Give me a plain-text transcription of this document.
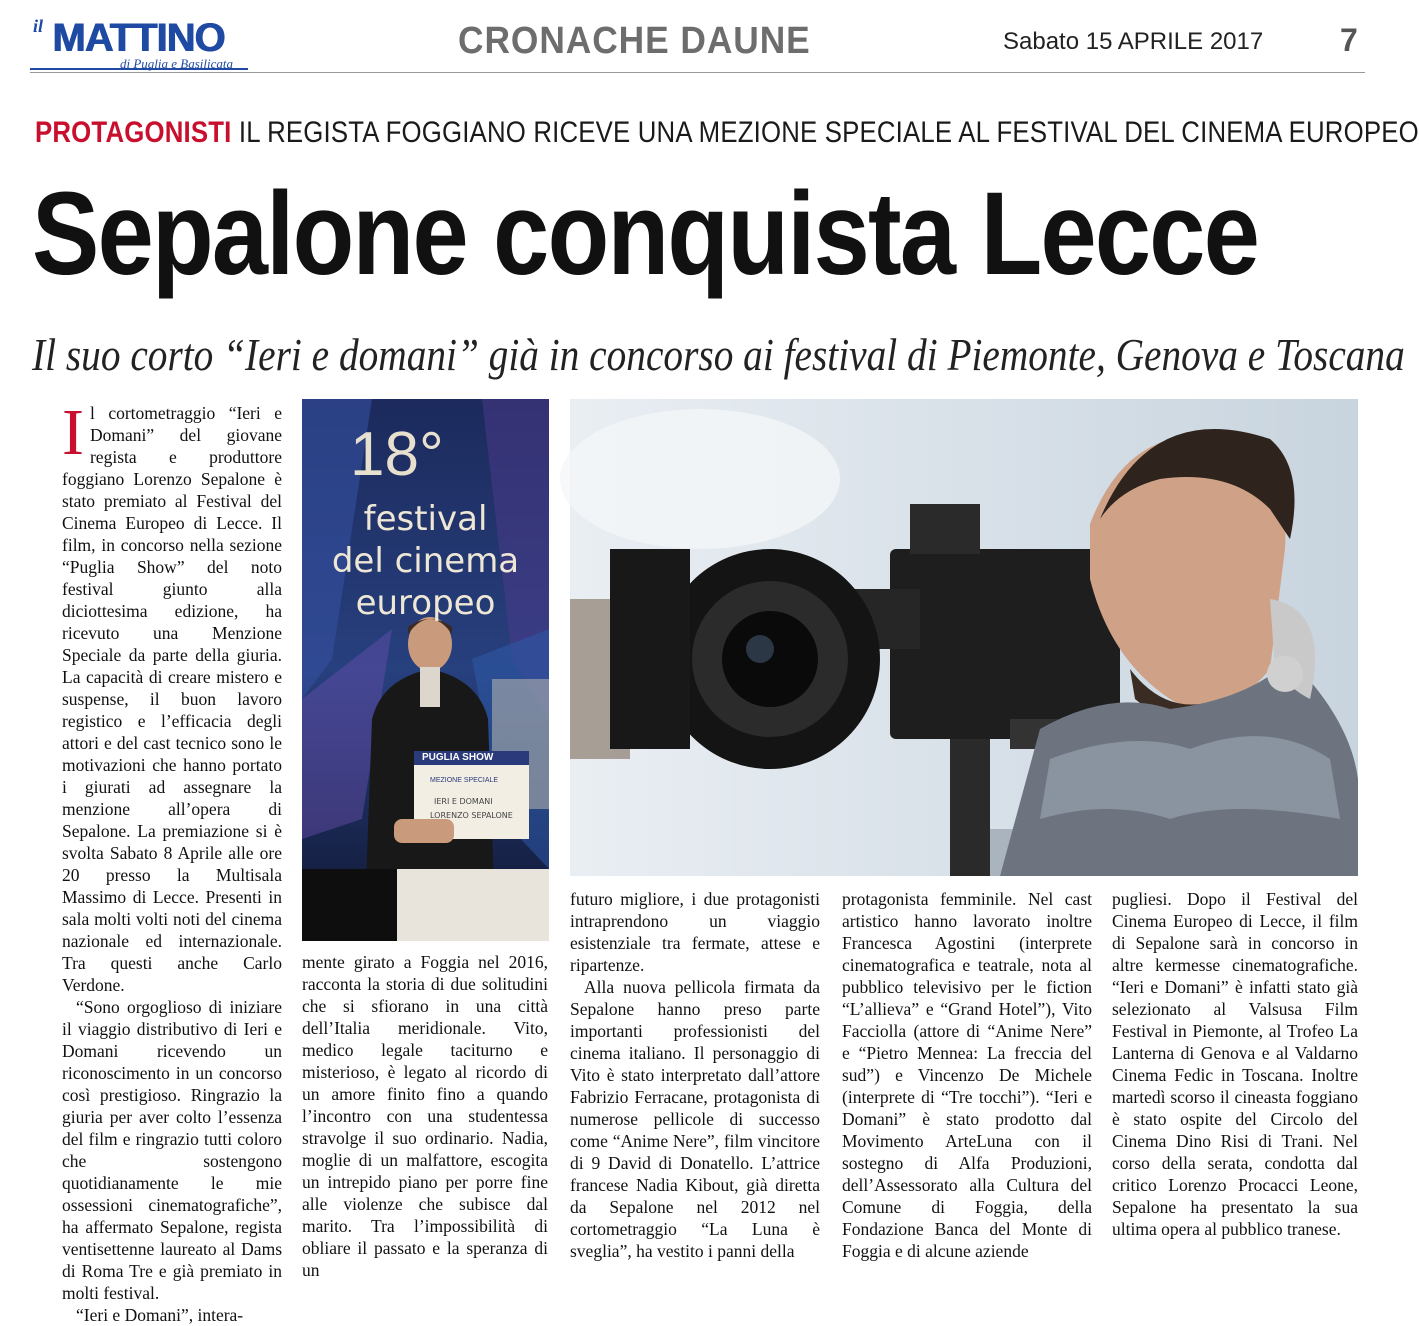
il MATTINO
di Puglia e Basilicata
CRONACHE DAUNE	Sabato 15 APRILE 2017 7
PROTAGONISTI IL REGISTA FOGGIANO RICEVE UNA MEZIONE SPECIALE AL FESTIVAL DEL CINEMA EUROPEO
Sepalone conquista Lecce
Il suo corto “Ieri e domani” già in concorso ai festival di Piemonte, Genova e Toscana
18°
festival
del cinema
europeo
PUGLIA SHOW
MEZIONE SPECIALE
IERI E DOMANI
LORENZO SEPALONE
I l cortometraggio “Ieri e Domani” del giovane regista e produttore foggiano Lorenzo Sepalone è stato premiato al Festival del Cinema Europeo di Lecce. Il film, in concorso nella sezione “Puglia Show” del noto festival giunto alla diciottesima edizione, ha ricevuto una Menzione Speciale da parte della giuria. La capacità di creare mistero e suspense, il buon lavoro registico e l’efficacia degli attori e del cast tecnico sono le motivazioni che hanno portato i giurati ad assegnare la menzione all’opera di Sepalone. La premiazione si è svolta Sabato 8 Aprile alle ore 20 presso la Multisala Massimo di Lecce. Presenti in sala molti volti noti del cinema nazionale ed internazionale. Tra questi anche Carlo Verdone.

“Sono orgoglioso di iniziare il viaggio distributivo di Ieri e Domani ricevendo un riconoscimento in un concorso così prestigioso. Ringrazio la giuria per aver colto l’essenza del film e ringrazio tutti coloro che sostengono quotidianamente le mie ossessioni cinematografiche”, ha affermato Sepalone, regista ventisettenne laureato al Dams di Roma Tre e già premiato in molti festival.

“Ieri e Domani”, intera-

mente girato a Foggia nel 2016, racconta la storia di due solitudini che si sfiorano in una città dell’Italia meridionale. Vito, medico legale taciturno e misterioso, è legato al ricordo di un amore finito fino a quando l’incontro con una studentessa stravolge il suo ordinario. Nadia, moglie di un malfattore, escogita un intrepido piano per porre fine alle violenze che subisce dal marito. Tra l’impossibilità di obliare il passato e la speranza di un

futuro migliore, i due protagonisti intraprendono un viaggio esistenziale tra fermate, attese e ripartenze.

Alla nuova pellicola firmata da Sepalone hanno preso parte importanti professionisti del cinema italiano. Il personaggio di Vito è stato interpretato dall’attore Fabrizio Ferracane, protagonista di numerose pellicole di successo come “Anime Nere”, film vincitore di 9 David di Donatello. L’attrice francese Nadia Kibout, già diretta da Sepalone nel 2012 nel cortometraggio “La Luna è sveglia”, ha vestito i panni della

protagonista femminile. Nel cast artistico hanno lavorato inoltre Francesca Agostini (interprete cinematografica e teatrale, nota al pubblico televisivo per le fiction “L’allieva” e “Grand Hotel”), Vito Facciolla (attore di “Anime Nere” e “Pietro Mennea: La freccia del sud”) e Vincenzo De Michele (interprete di “Tre tocchi”). “Ieri e Domani” è stato prodotto dal Movimento ArteLuna con il sostegno di Alfa Produzioni, dell’Assessorato alla Cultura del Comune di Foggia, della Fondazione Banca del Monte di Foggia e di alcune aziende

pugliesi. Dopo il Festival del Cinema Europeo di Lecce, il film di Sepalone sarà in concorso in altre kermesse cinematografiche. “Ieri e Domani” è infatti stato già selezionato al Valsusa Film Festival in Piemonte, al Trofeo La Lanterna di Genova e al Valdarno Cinema Fedic in Toscana. Inoltre martedì scorso il cineasta foggiano è stato ospite del Circolo del Cinema Dino Risi di Trani. Nel corso della serata, condotta dal critico Lorenzo Procacci Leone, Sepalone ha presentato la sua ultima opera al pubblico tranese.
